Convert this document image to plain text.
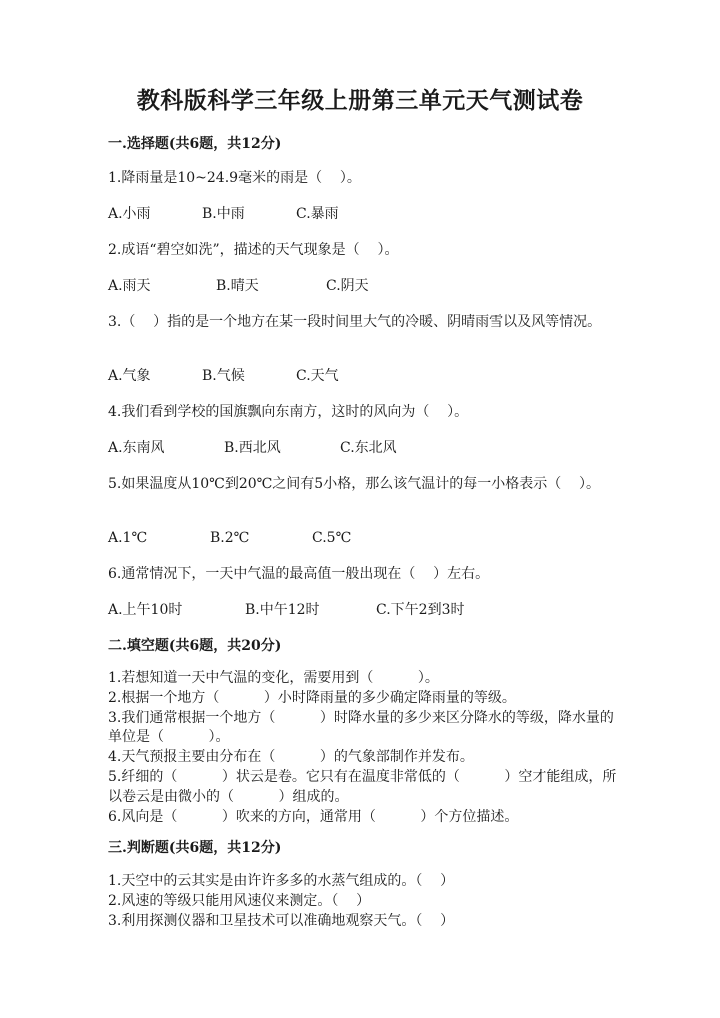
教科版科学三年级上册第三单元天气测试卷
一.选择题(共6题，共12分)
1.降雨量是10~24.9毫米的雨是（    ）。
A.小雨	B.中雨	C.暴雨
2.成语“碧空如洗”，描述的天气现象是（    ）。
A.雨天	B.晴天	C.阴天
3.（    ）指的是一个地方在某一段时间里大气的冷暖、阴晴雨雪以及风等情况。
A.气象	B.气候	C.天气
4.我们看到学校的国旗飘向东南方，这时的风向为（    ）。
A.东南风	B.西北风	C.东北风
5.如果温度从10℃到20℃之间有5小格，那么该气温计的每一小格表示（    ）。
A.1℃	B.2℃	C.5℃
6.通常情况下，一天中气温的最高值一般出现在（    ）左右。
A.上午10时	B.中午12时	C.下午2到3时
二.填空题(共6题，共20分)
1.若想知道一天中气温的变化，需要用到（          ）。
2.根据一个地方（          ）小时降雨量的多少确定降雨量的等级。
3.我们通常根据一个地方（          ）时降水量的多少来区分降水的等级，降水量的单位是（          ）。
4.天气预报主要由分布在（          ）的气象部制作并发布。
5.纤细的（          ）状云是卷。它只有在温度非常低的（          ）空才能组成，所以卷云是由微小的（          ）组成的。
6.风向是（          ）吹来的方向，通常用（          ）个方位描述。
三.判断题(共6题，共12分)
1.天空中的云其实是由许许多多的水蒸气组成的。（    ）
2.风速的等级只能用风速仪来测定。（    ）
3.利用探测仪器和卫星技术可以准确地观察天气。（    ）
